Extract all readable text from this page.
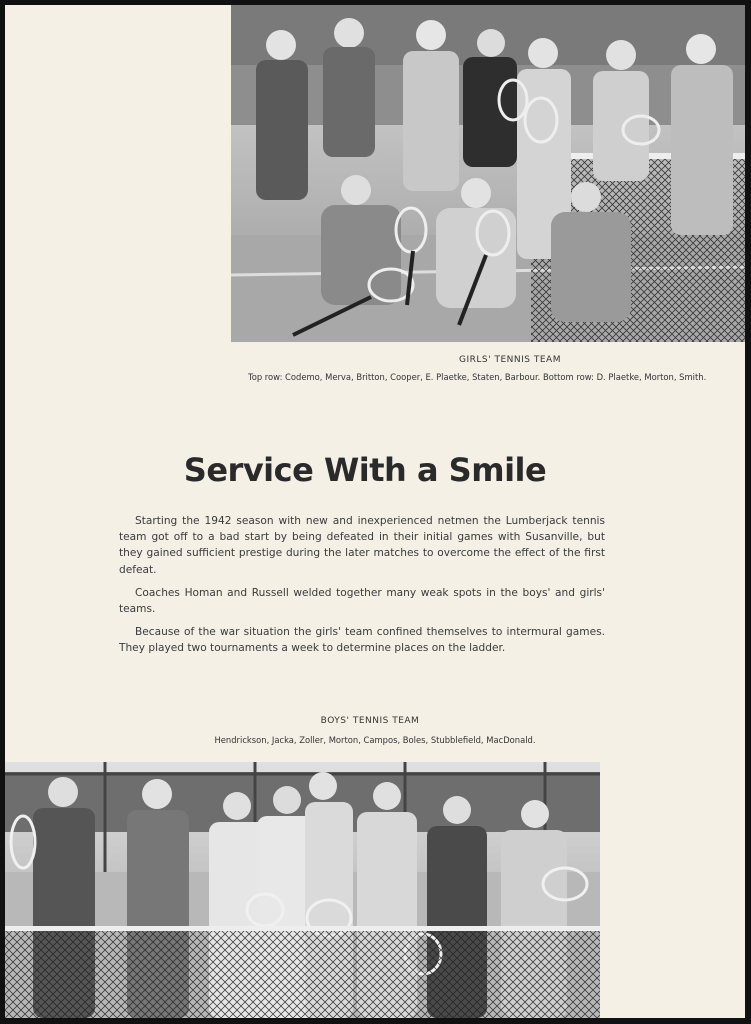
GIRLS' TENNIS TEAM
Top row: Codemo, Merva, Britton, Cooper, E. Plaetke, Staten, Barbour. Bottom row: D. Plaetke, Morton, Smith.
Service With a Smile

Starting the 1942 season with new and inexperienced netmen the Lumberjack tennis team got off to a bad start by being defeated in their initial games with Susanville, but they gained sufficient prestige during the later matches to overcome the effect of the first defeat.

Coaches Homan and Russell welded together many weak spots in the boys' and girls' teams.

Because of the war situation the girls' team confined themselves to intermural games. They played two tournaments a week to determine places on the ladder.

BOYS' TENNIS TEAM
Hendrickson, Jacka, Zoller, Morton, Campos, Boles, Stubblefield, MacDonald.
